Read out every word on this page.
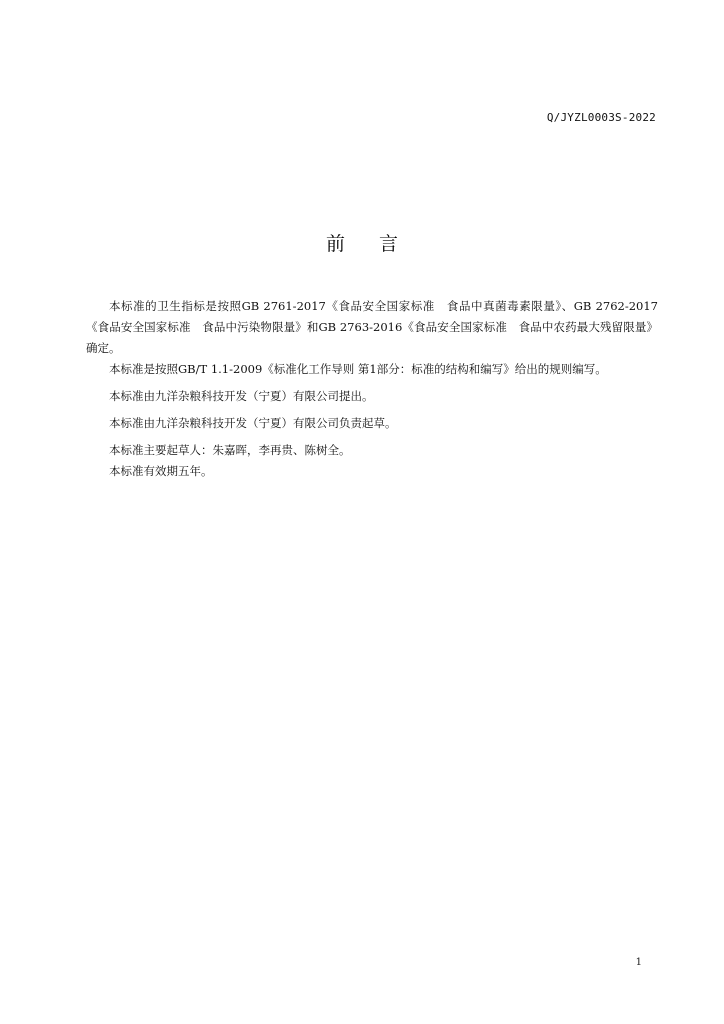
Q/JYZL0003S-2022
前 言

本标准的卫生指标是按照GB 2761-2017《食品安全国家标准　食品中真菌毒素限量》、GB 2762-2017《食品安全国家标准　食品中污染物限量》和GB 2763-2016《食品安全国家标准　食品中农药最大残留限量》确定。

本标准是按照GB/T 1.1-2009《标准化工作导则 第1部分：标准的结构和编写》给出的规则编写。

本标准由九洋杂粮科技开发（宁夏）有限公司提出。

本标准由九洋杂粮科技开发（宁夏）有限公司负责起草。

本标准主要起草人：朱嘉晖，李再贵、陈树全。

本标准有效期五年。

1
